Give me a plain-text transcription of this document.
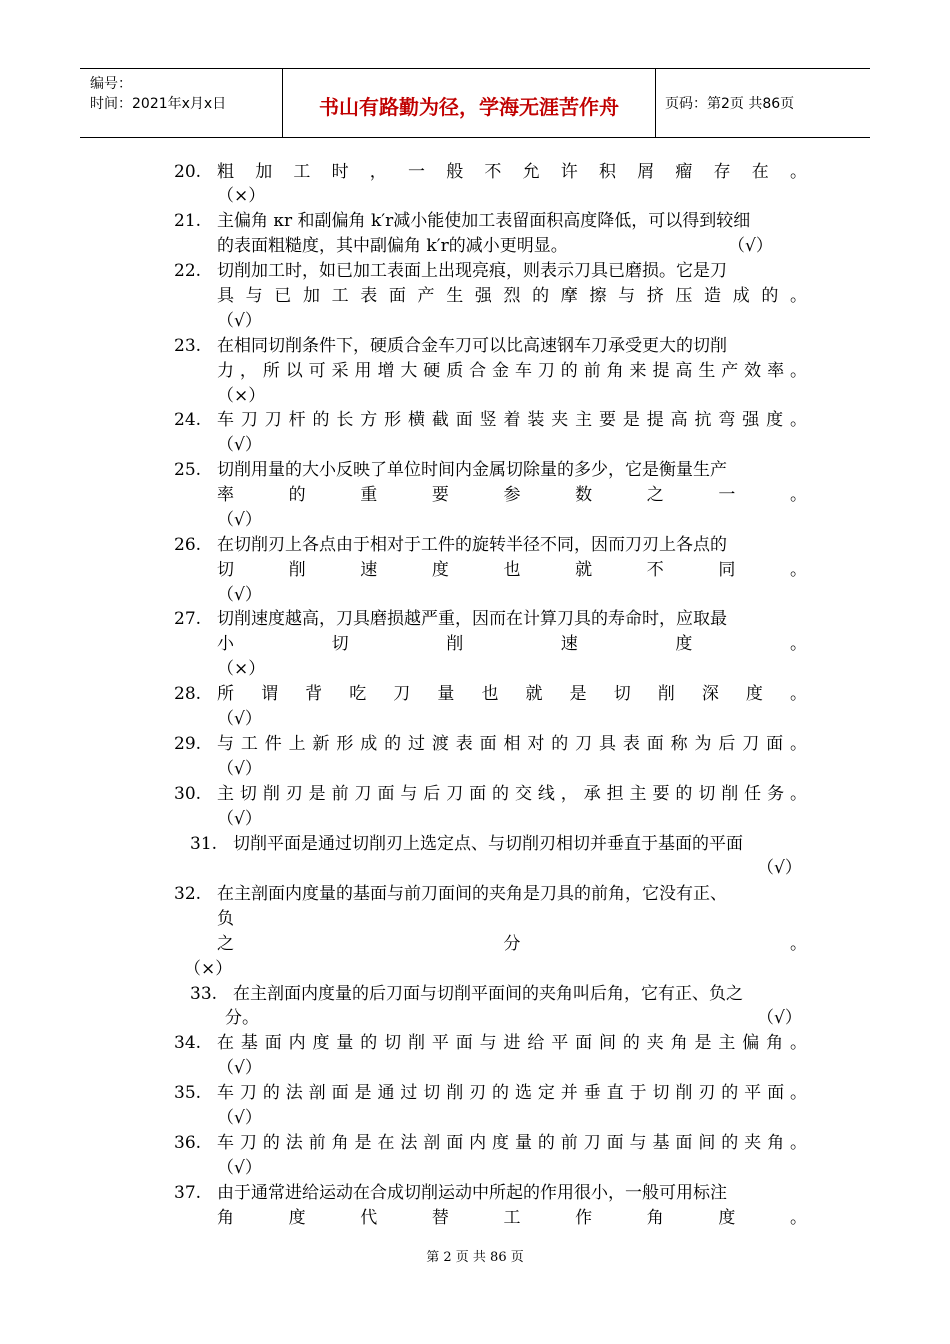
编号：
时间：2021年x月x日	书山有路勤为径，学海无涯苦作舟	页码：第2页 共86页
20. 粗加工时，一般不允许积屑瘤存在。
（×）
21. 主偏角 κr 和副偏角 k′r减小能使加工表留面积高度降低，可以得到较细
的表面粗糙度，其中副偏角 k′r的减小更明显。	（√）
22. 切削加工时，如已加工表面上出现亮痕，则表示刀具已磨损。它是刀
具与已加工表面产生强烈的摩擦与挤压造成的。
（√）
23. 在相同切削条件下，硬质合金车刀可以比高速钢车刀承受更大的切削
力，所以可采用增大硬质合金车刀的前角来提高生产效率。
（×）
24. 车刀刀杆的长方形横截面竖着装夹主要是提高抗弯强度。
（√）
25. 切削用量的大小反映了单位时间内金属切除量的多少，它是衡量生产
率的重要参数之一。
（√）
26. 在切削刃上各点由于相对于工件的旋转半径不同，因而刀刃上各点的
切削速度也就不同。
（√）
27. 切削速度越高，刀具磨损越严重，因而在计算刀具的寿命时，应取最
小切削速度。
（×）
28. 所谓背吃刀量也就是切削深度。
（√）
29. 与工件上新形成的过渡表面相对的刀具表面称为后刀面。
（√）
30. 主切削刃是前刀面与后刀面的交线，承担主要的切削任务。
（√）
31. 切削平面是通过切削刃上选定点、与切削刃相切并垂直于基面的平面
（√）
32. 在主剖面内度量的基面与前刀面间的夹角是刀具的前角，它没有正、
负
之分。
（×）
33. 在主剖面内度量的后刀面与切削平面间的夹角叫后角，它有正、负之
分。	（√）
34. 在基面内度量的切削平面与进给平面间的夹角是主偏角。
（√）
35. 车刀的法剖面是通过切削刃的选定并垂直于切削刃的平面。
（√）
36. 车刀的法前角是在法剖面内度量的前刀面与基面间的夹角。
（√）
37. 由于通常进给运动在合成切削运动中所起的作用很小，一般可用标注
角度代替工作角度。
第 2 页 共 86 页
